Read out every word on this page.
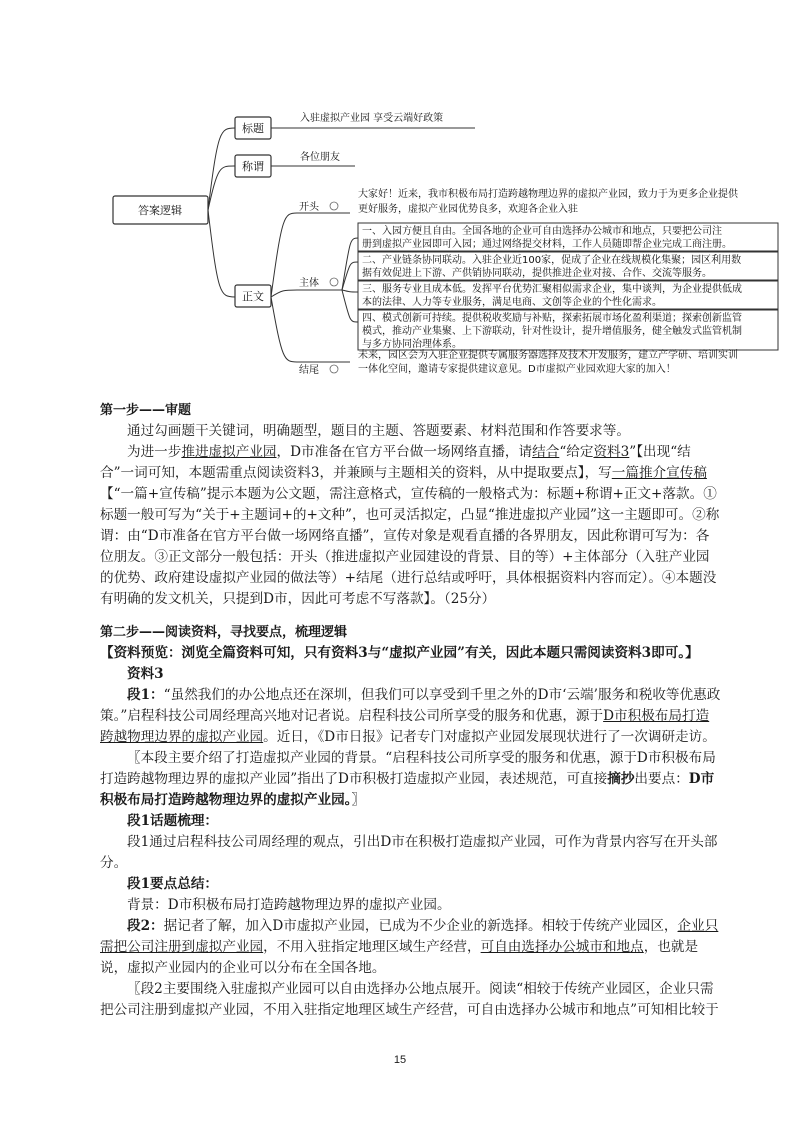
答案逻辑
标题
入驻虚拟产业园 享受云端好政策
称谓
各位朋友
正文
开头
大家好！近来，我市积极布局打造跨越物理边界的虚拟产业园，致力于为更多企业提供
更好服务，虚拟产业园优势良多，欢迎各企业入驻
主体
一、入园方便且自由。全国各地的企业可自由选择办公城市和地点，只要把公司注
册到虚拟产业园即可入园；通过网络提交材料，工作人员随即帮企业完成工商注册。
二、产业链条协同联动。入驻企业近100家，促成了企业在线规模化集聚；园区利用数
据有效促进上下游、产供销协同联动，提供推进企业对接、合作、交流等服务。
三、服务专业且成本低。发挥平台优势汇聚相似需求企业，集中谈判，为企业提供低成
本的法律、人力等专业服务，满足电商、文创等企业的个性化需求。
四、模式创新可持续。提供税收奖励与补贴，探索拓展市场化盈利渠道；探索创新监管
模式，推动产业集聚、上下游联动，针对性设计，提升增值服务，健全触发式监管机制
与多方协同治理体系。
结尾
未来，园区会为入驻企业提供专属服务器选择及技术开发服务，建立产学研、培训实训
一体化空间，邀请专家提供建议意见。D市虚拟产业园欢迎大家的加入！

第一步——审题

通过勾画题干关键词，明确题型，题目的主题、答题要素、材料范围和作答要求等。

为进一步推进虚拟产业园，D市准备在官方平台做一场网络直播，请结合“给定资料3”【出现“结合”一词可知，本题需重点阅读资料3，并兼顾与主题相关的资料，从中提取要点】，写一篇推介宣传稿【“一篇+宣传稿”提示本题为公文题，需注意格式，宣传稿的一般格式为：标题+称谓+正文+落款。①标题一般可写为“关于+主题词+的+文种”，也可灵活拟定，凸显“推进虚拟产业园”这一主题即可。②称谓：由“D市准备在官方平台做一场网络直播”，宣传对象是观看直播的各界朋友，因此称谓可写为：各位朋友。③正文部分一般包括：开头（推进虚拟产业园建设的背景、目的等）+主体部分（入驻产业园的优势、政府建设虚拟产业园的做法等）+结尾（进行总结或呼吁，具体根据资料内容而定）。④本题没有明确的发文机关，只提到D市，因此可考虑不写落款】。（25分）

第二步——阅读资料，寻找要点，梳理逻辑

【资料预览：浏览全篇资料可知，只有资料3与“虚拟产业园”有关，因此本题只需阅读资料3即可。】

资料3

段1：“虽然我们的办公地点还在深圳，但我们可以享受到千里之外的D市‘云端’服务和税收等优惠政策。”启程科技公司周经理高兴地对记者说。启程科技公司所享受的服务和优惠，源于D市积极布局打造跨越物理边界的虚拟产业园。近日，《D市日报》记者专门对虚拟产业园发展现状进行了一次调研走访。

〖本段主要介绍了打造虚拟产业园的背景。“启程科技公司所享受的服务和优惠，源于D市积极布局打造跨越物理边界的虚拟产业园”指出了D市积极打造虚拟产业园，表述规范，可直接摘抄出要点：D市积极布局打造跨越物理边界的虚拟产业园。〗

段1话题梳理：

段1通过启程科技公司周经理的观点，引出D市在积极打造虚拟产业园，可作为背景内容写在开头部分。

段1要点总结：

背景：D市积极布局打造跨越物理边界的虚拟产业园。

段2：据记者了解，加入D市虚拟产业园，已成为不少企业的新选择。相较于传统产业园区，企业只需把公司注册到虚拟产业园，不用入驻指定地理区域生产经营，可自由选择办公城市和地点，也就是说，虚拟产业园内的企业可以分布在全国各地。

〖段2主要围绕入驻虚拟产业园可以自由选择办公地点展开。阅读“相较于传统产业园区，企业只需把公司注册到虚拟产业园，不用入驻指定地理区域生产经营，可自由选择办公城市和地点”可知相比较于

15
